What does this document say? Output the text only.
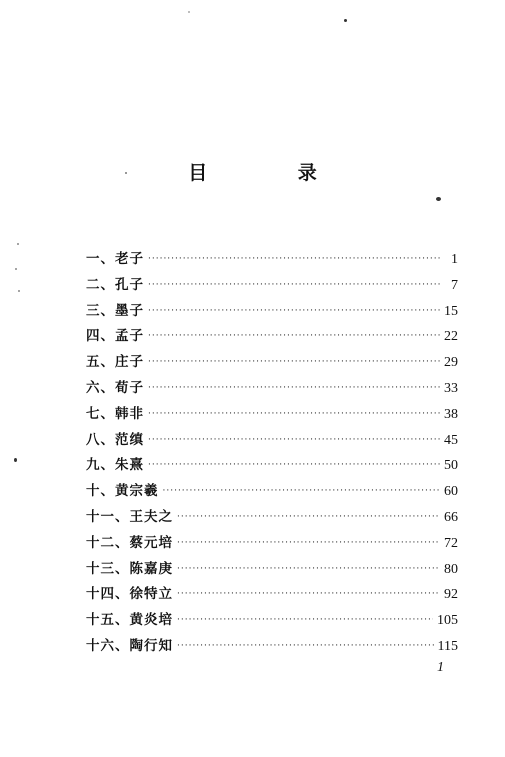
目 录
一、老子 ·····	1
二、孔子 ·····	7
三、墨子 ·····	15
四、孟子 ·····	22
五、庄子 ·····	29
六、荀子 ·····	33
七、韩非 ·····	38
八、范缜 ·····	45
九、朱熹 ·····	50
十、黄宗羲 ·····	60
十一、王夫之 ·····	66
十二、蔡元培 ·····	72
十三、陈嘉庚 ·····	80
十四、徐特立 ·····	92
十五、黄炎培 ·····	105
十六、陶行知 ·····	115
1
